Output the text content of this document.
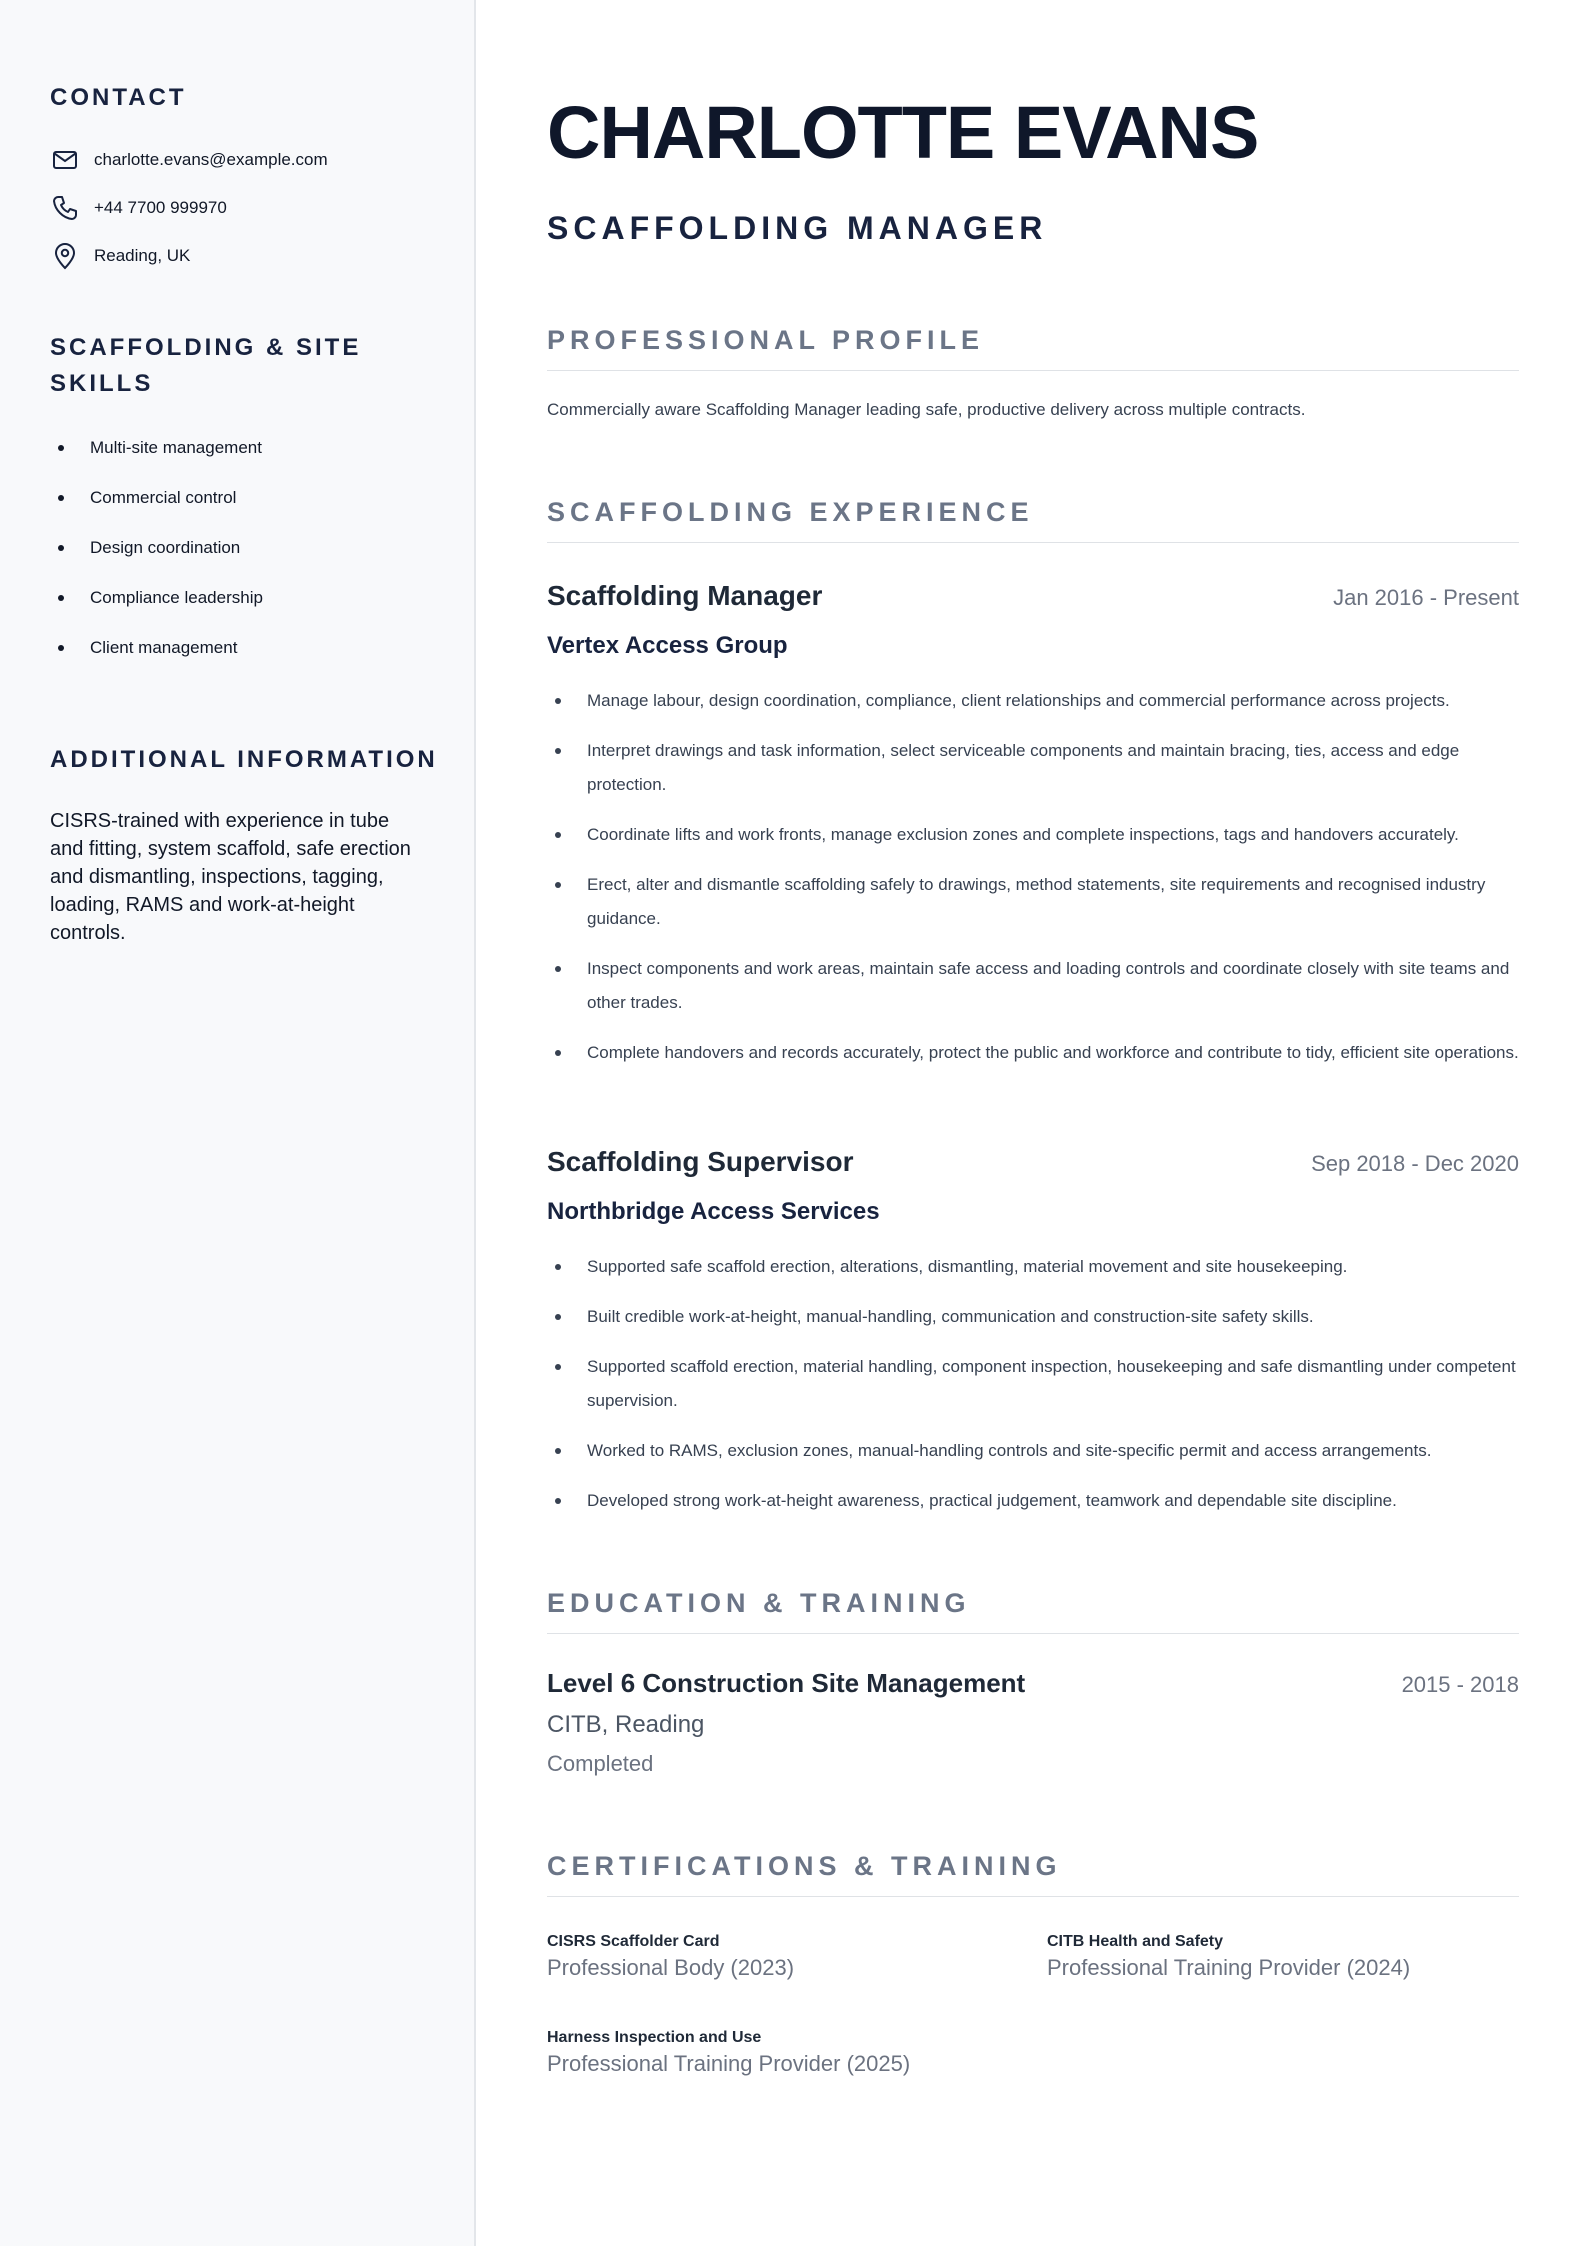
CONTACT
charlotte.evans@example.com
+44 7700 999970
Reading, UK
SCAFFOLDING & SITE SKILLS
Multi-site management
Commercial control
Design coordination
Compliance leadership
Client management
ADDITIONAL INFORMATION

CISRS-trained with experience in tube and fitting, system scaffold, safe erection and dismantling, inspections, tagging, loading, RAMS and work-at-height controls.

CHARLOTTE EVANS
SCAFFOLDING MANAGER
PROFESSIONAL PROFILE

Commercially aware Scaffolding Manager leading safe, productive delivery across multiple contracts.

SCAFFOLDING EXPERIENCE
Scaffolding Manager	Jan 2016 - Present
Vertex Access Group
Manage labour, design coordination, compliance, client relationships and commercial performance across projects.
Interpret drawings and task information, select serviceable components and maintain bracing, ties, access and edge protection.
Coordinate lifts and work fronts, manage exclusion zones and complete inspections, tags and handovers accurately.
Erect, alter and dismantle scaffolding safely to drawings, method statements, site requirements and recognised industry guidance.
Inspect components and work areas, maintain safe access and loading controls and coordinate closely with site teams and other trades.
Complete handovers and records accurately, protect the public and workforce and contribute to tidy, efficient site operations.
Scaffolding Supervisor	Sep 2018 - Dec 2020
Northbridge Access Services
Supported safe scaffold erection, alterations, dismantling, material movement and site housekeeping.
Built credible work-at-height, manual-handling, communication and construction-site safety skills.
Supported scaffold erection, material handling, component inspection, housekeeping and safe dismantling under competent supervision.
Worked to RAMS, exclusion zones, manual-handling controls and site-specific permit and access arrangements.
Developed strong work-at-height awareness, practical judgement, teamwork and dependable site discipline.
EDUCATION & TRAINING
Level 6 Construction Site Management	2015 - 2018
CITB, Reading
Completed
CERTIFICATIONS & TRAINING
CISRS Scaffolder Card
Professional Body (2023)
CITB Health and Safety
Professional Training Provider (2024)
Harness Inspection and Use
Professional Training Provider (2025)
